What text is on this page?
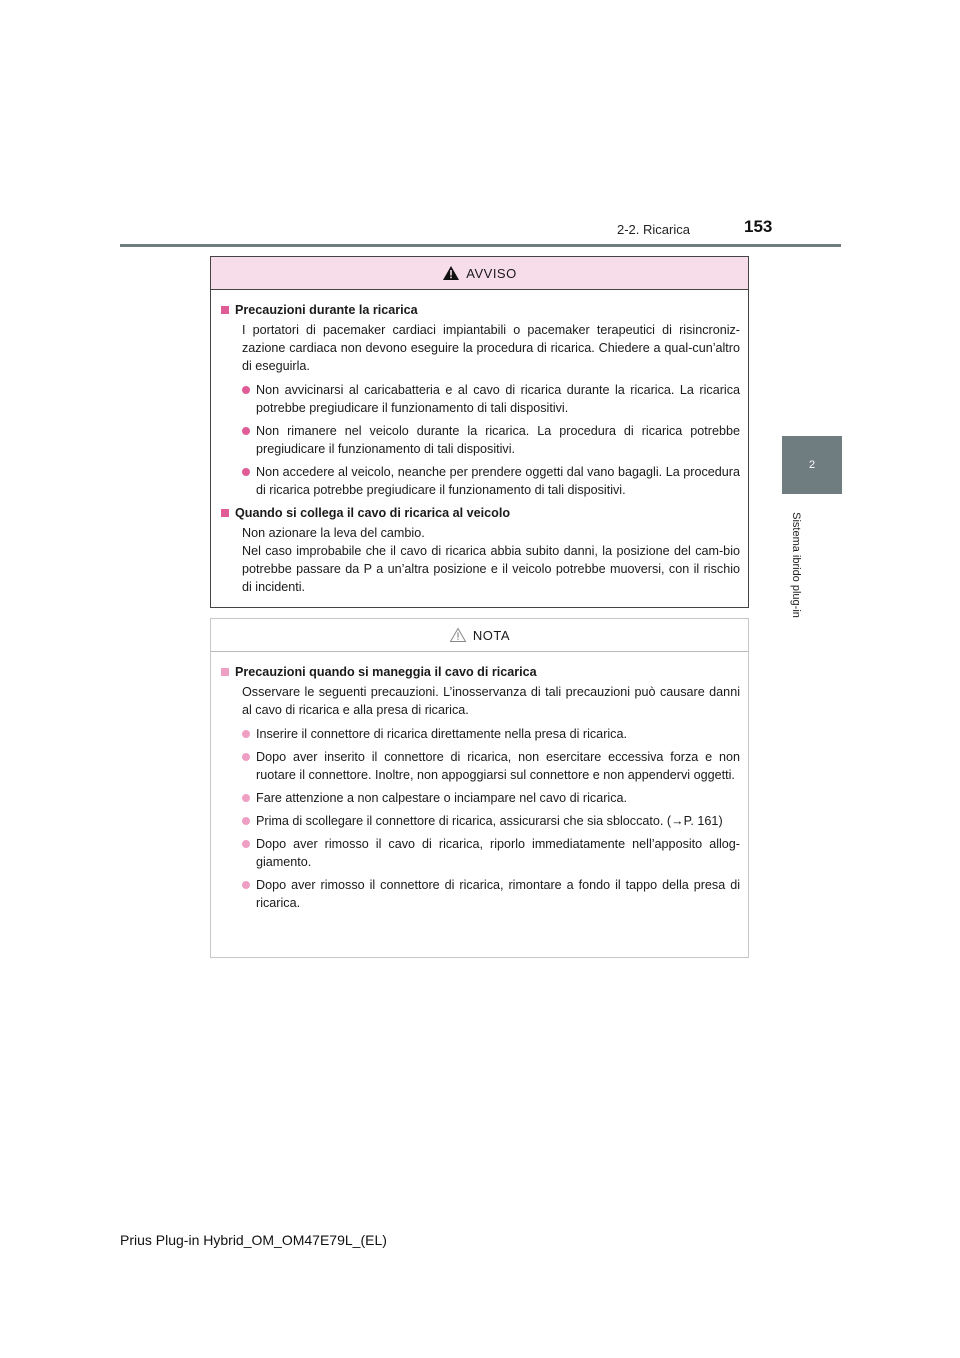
2-2. Ricarica	153
2
Sistema ibrido plug-in
AVVISO
Precauzioni durante la ricarica

I portatori di pacemaker cardiaci impiantabili o pacemaker terapeutici di risincroniz-zazione cardiaca non devono eseguire la procedura di ricarica. Chiedere a qual-cun’altro di eseguirla.

Non avvicinarsi al caricabatteria e al cavo di ricarica durante la ricarica. La ricarica potrebbe pregiudicare il funzionamento di tali dispositivi.
Non rimanere nel veicolo durante la ricarica. La procedura di ricarica potrebbe pregiudicare il funzionamento di tali dispositivi.
Non accedere al veicolo, neanche per prendere oggetti dal vano bagagli. La procedura di ricarica potrebbe pregiudicare il funzionamento di tali dispositivi.
Quando si collega il cavo di ricarica al veicolo

Non azionare la leva del cambio.

Nel caso improbabile che il cavo di ricarica abbia subito danni, la posizione del cam-bio potrebbe passare da P a un’altra posizione e il veicolo potrebbe muoversi, con il rischio di incidenti.

NOTA
Precauzioni quando si maneggia il cavo di ricarica

Osservare le seguenti precauzioni. L’inosservanza di tali precauzioni può causare danni al cavo di ricarica e alla presa di ricarica.

Inserire il connettore di ricarica direttamente nella presa di ricarica.
Dopo aver inserito il connettore di ricarica, non esercitare eccessiva forza e non ruotare il connettore. Inoltre, non appoggiarsi sul connettore e non appendervi oggetti.
Fare attenzione a non calpestare o inciampare nel cavo di ricarica.
Prima di scollegare il connettore di ricarica, assicurarsi che sia sbloccato. (→P. 161)
Dopo aver rimosso il cavo di ricarica, riporlo immediatamente nell’apposito allog-giamento.
Dopo aver rimosso il connettore di ricarica, rimontare a fondo il tappo della presa di ricarica.
Prius Plug-in Hybrid_OM_OM47E79L_(EL)
